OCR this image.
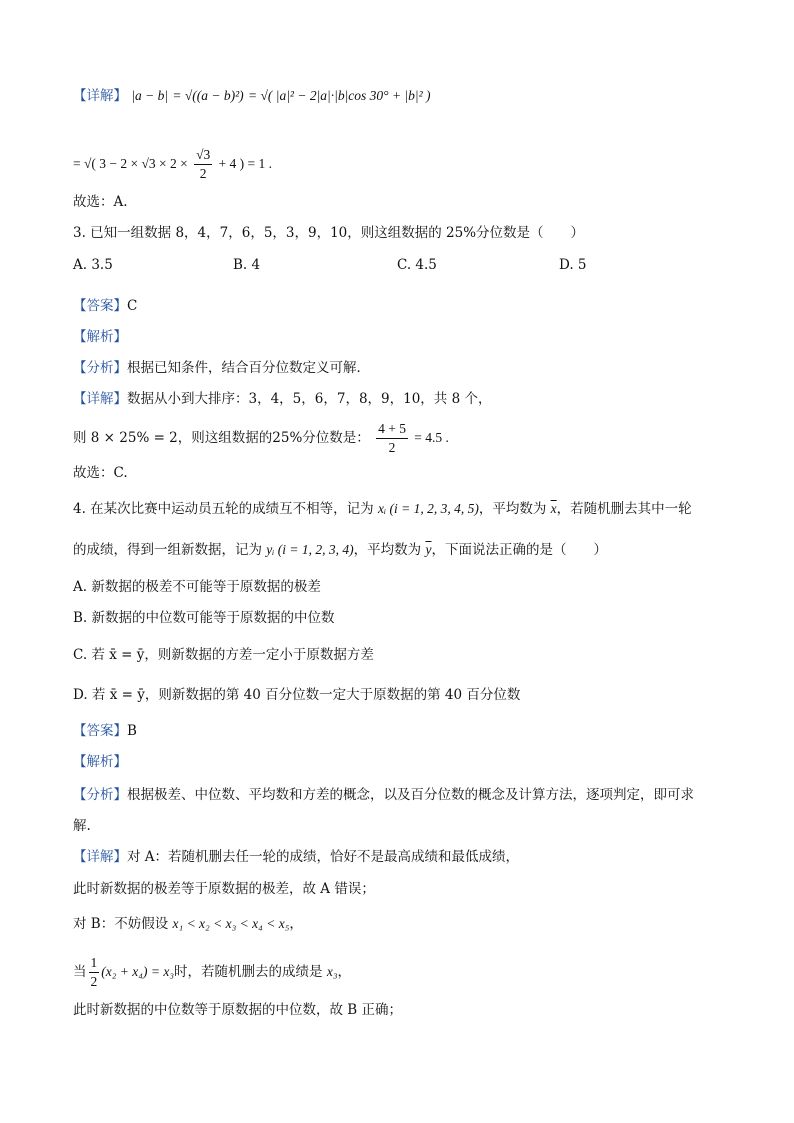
【详解】 |a − b| = √((a − b)²) = √( |a|² − 2|a|·|b|cos 30° + |b|² )
= √( $3 - 2 \times √3 \times 2 \times \frac{√3}{2} + 4$ ) = 1 .
故选：A.
3. 已知一组数据 8，4，7，6，5，3，9，10，则这组数据的 25%分位数是（　　）
A. 3.5	B. 4	C. 4.5	D. 5
【答案】C
【解析】
【分析】根据已知条件，结合百分位数定义可解．
【详解】数据从小到大排序：3，4，5，6，7，8，9，10，共 8 个，
则 8 × 25% = 2，则这组数据的25%分位数是： $\frac{4 + 5}{2} = 4.5$ .
故选：C.
4. 在某次比赛中运动员五轮的成绩互不相等，记为 xᵢ (i = 1, 2, 3, 4, 5)，平均数为 $\overline{x}$，若随机删去其中一轮
的成绩，得到一组新数据，记为 yᵢ (i = 1, 2, 3, 4)，平均数为 $\overline{y}$，下面说法正确的是（　　）
A. 新数据的极差不可能等于原数据的极差
B. 新数据的中位数可能等于原数据的中位数
C. 若 x̄ = ȳ，则新数据的方差一定小于原数据方差
D. 若 x̄ = ȳ，则新数据的第 40 百分位数一定大于原数据的第 40 百分位数
【答案】B
【解析】
【分析】根据极差、中位数、平均数和方差的概念，以及百分位数的概念及计算方法，逐项判定，即可求
解.
【详解】对 A：若随机删去任一轮的成绩，恰好不是最高成绩和最低成绩，
此时新数据的极差等于原数据的极差，故 A 错误；
对 B：不妨假设 x₁ < x₂ < x₃ < x₄ < x₅，
当 $\frac{1}{2} (x_2 + x_4) = x_3$时，若随机删去的成绩是 x₃，
此时新数据的中位数等于原数据的中位数，故 B 正确；
